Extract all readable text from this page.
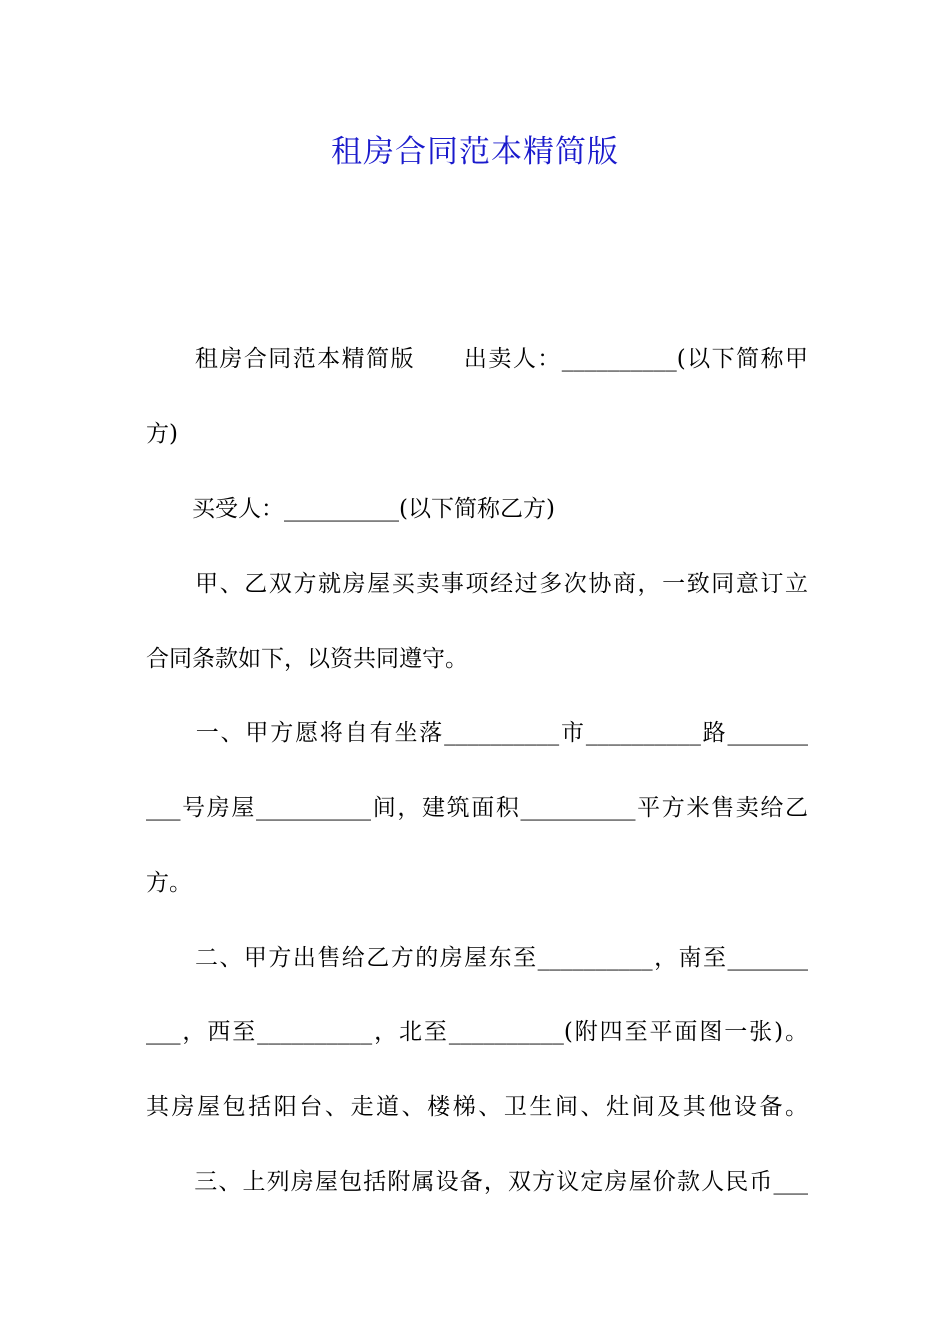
租房合同范本精简版

　　租房合同范本精简版　　出卖人：__________(以下简称甲

方)

　　买受人：__________(以下简称乙方)

　　甲、乙双方就房屋买卖事项经过多次协商，一致同意订立

合同条款如下，以资共同遵守。

　　一、甲方愿将自有坐落__________市__________路_______

___号房屋__________间，建筑面积__________平方米售卖给乙

方。

　　二、甲方出售给乙方的房屋东至__________，南至_______

___，西至__________，北至__________(附四至平面图一张)。

其房屋包括阳台、走道、楼梯、卫生间、灶间及其他设备。

　　三、上列房屋包括附属设备，双方议定房屋价款人民币___
